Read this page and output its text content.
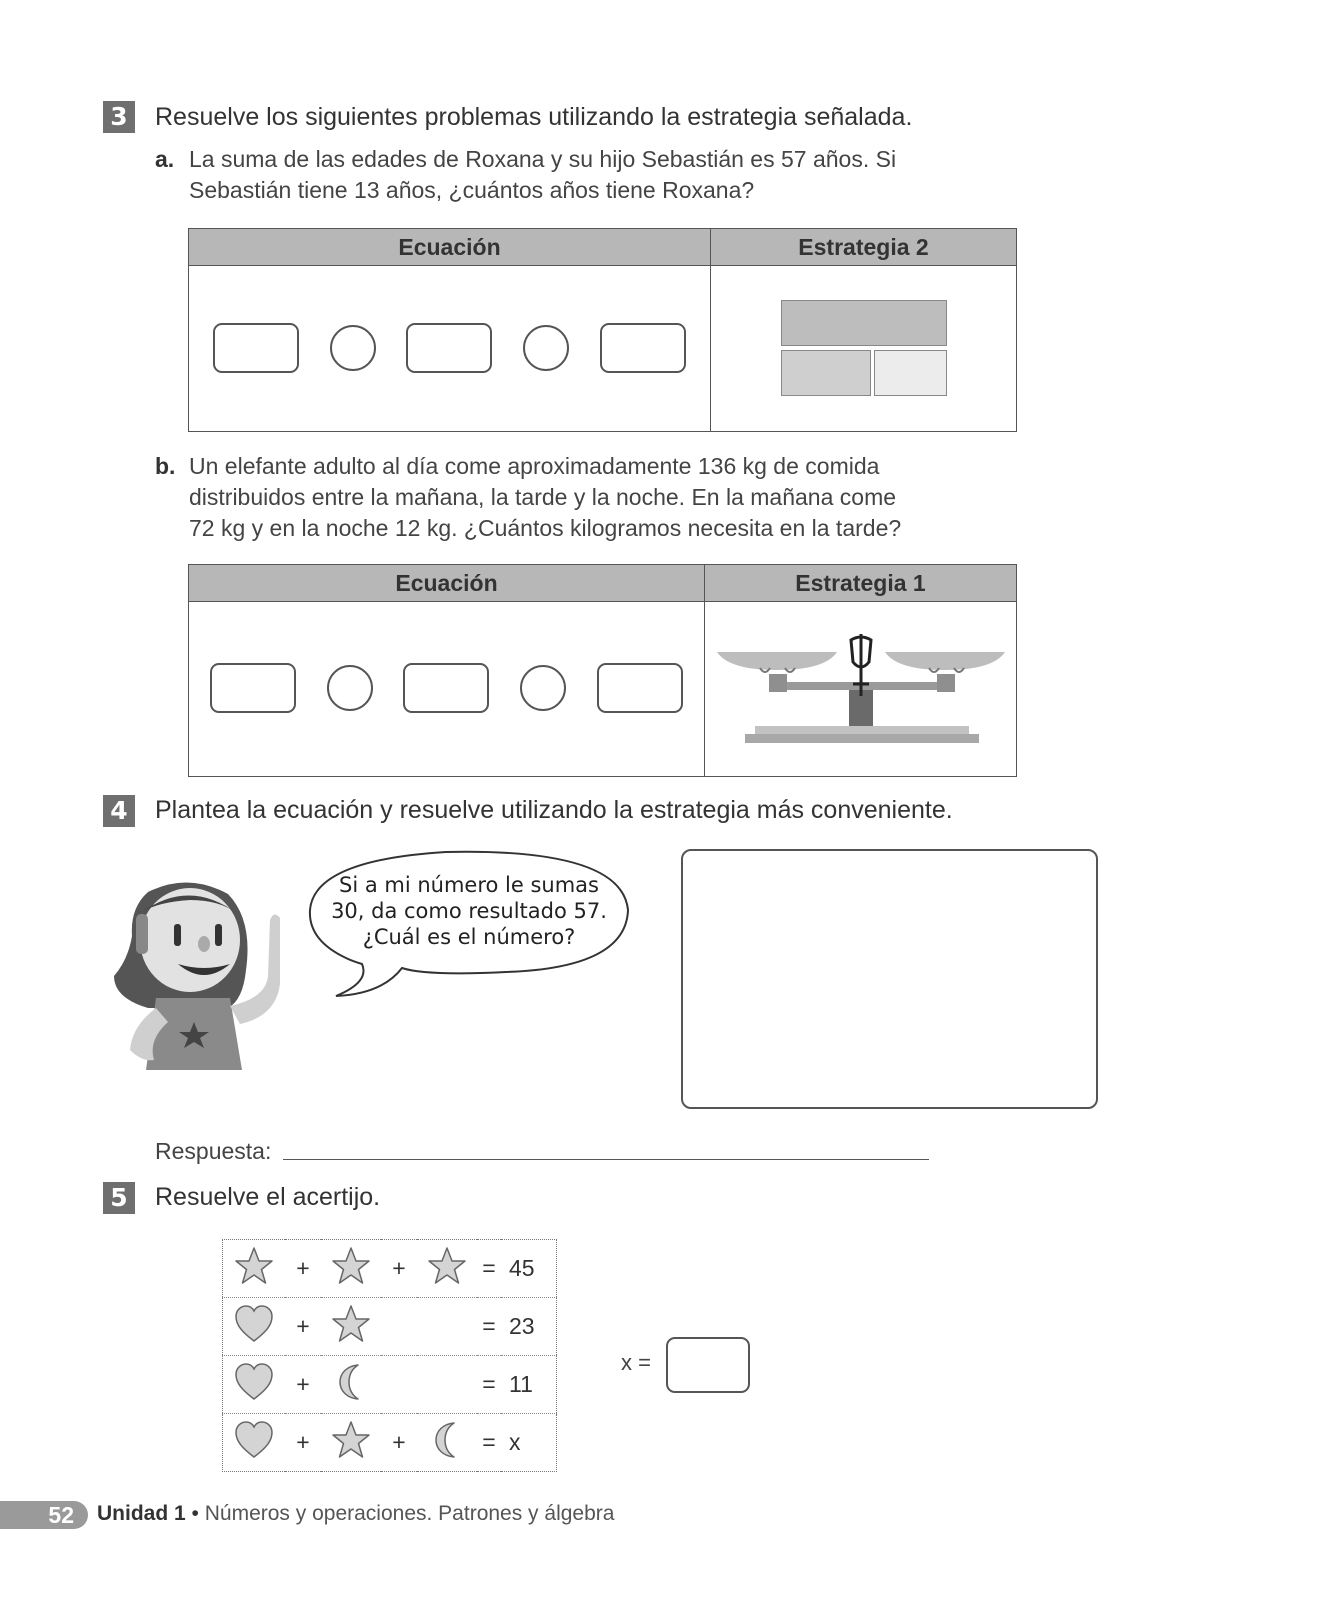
3 Resuelve los siguientes problemas utilizando la estrategia señalada.
a. La suma de las edades de Roxana y su hijo Sebastián es 57 años. Si
Sebastián tiene 13 años, ¿cuántos años tiene Roxana?
Ecuación	Estrategia 2

b. Un elefante adulto al día come aproximadamente 136 kg de comida
distribuidos entre la mañana, la tarde y la noche. En la mañana come
72 kg y en la noche 12 kg. ¿Cuántos kilogramos necesita en la tarde?
Ecuación	Estrategia 1

4 Plantea la ecuación y resuelve utilizando la estrategia más conveniente.
Si a mi número le sumas
30, da como resultado 57.
¿Cuál es el número?
Respuesta:
5 Resuelve el acertijo.
	+		+		=	45
	+				=	23
	+				=	11
	+		+		=	x
x =
52	Unidad 1 • Números y operaciones. Patrones y álgebra
